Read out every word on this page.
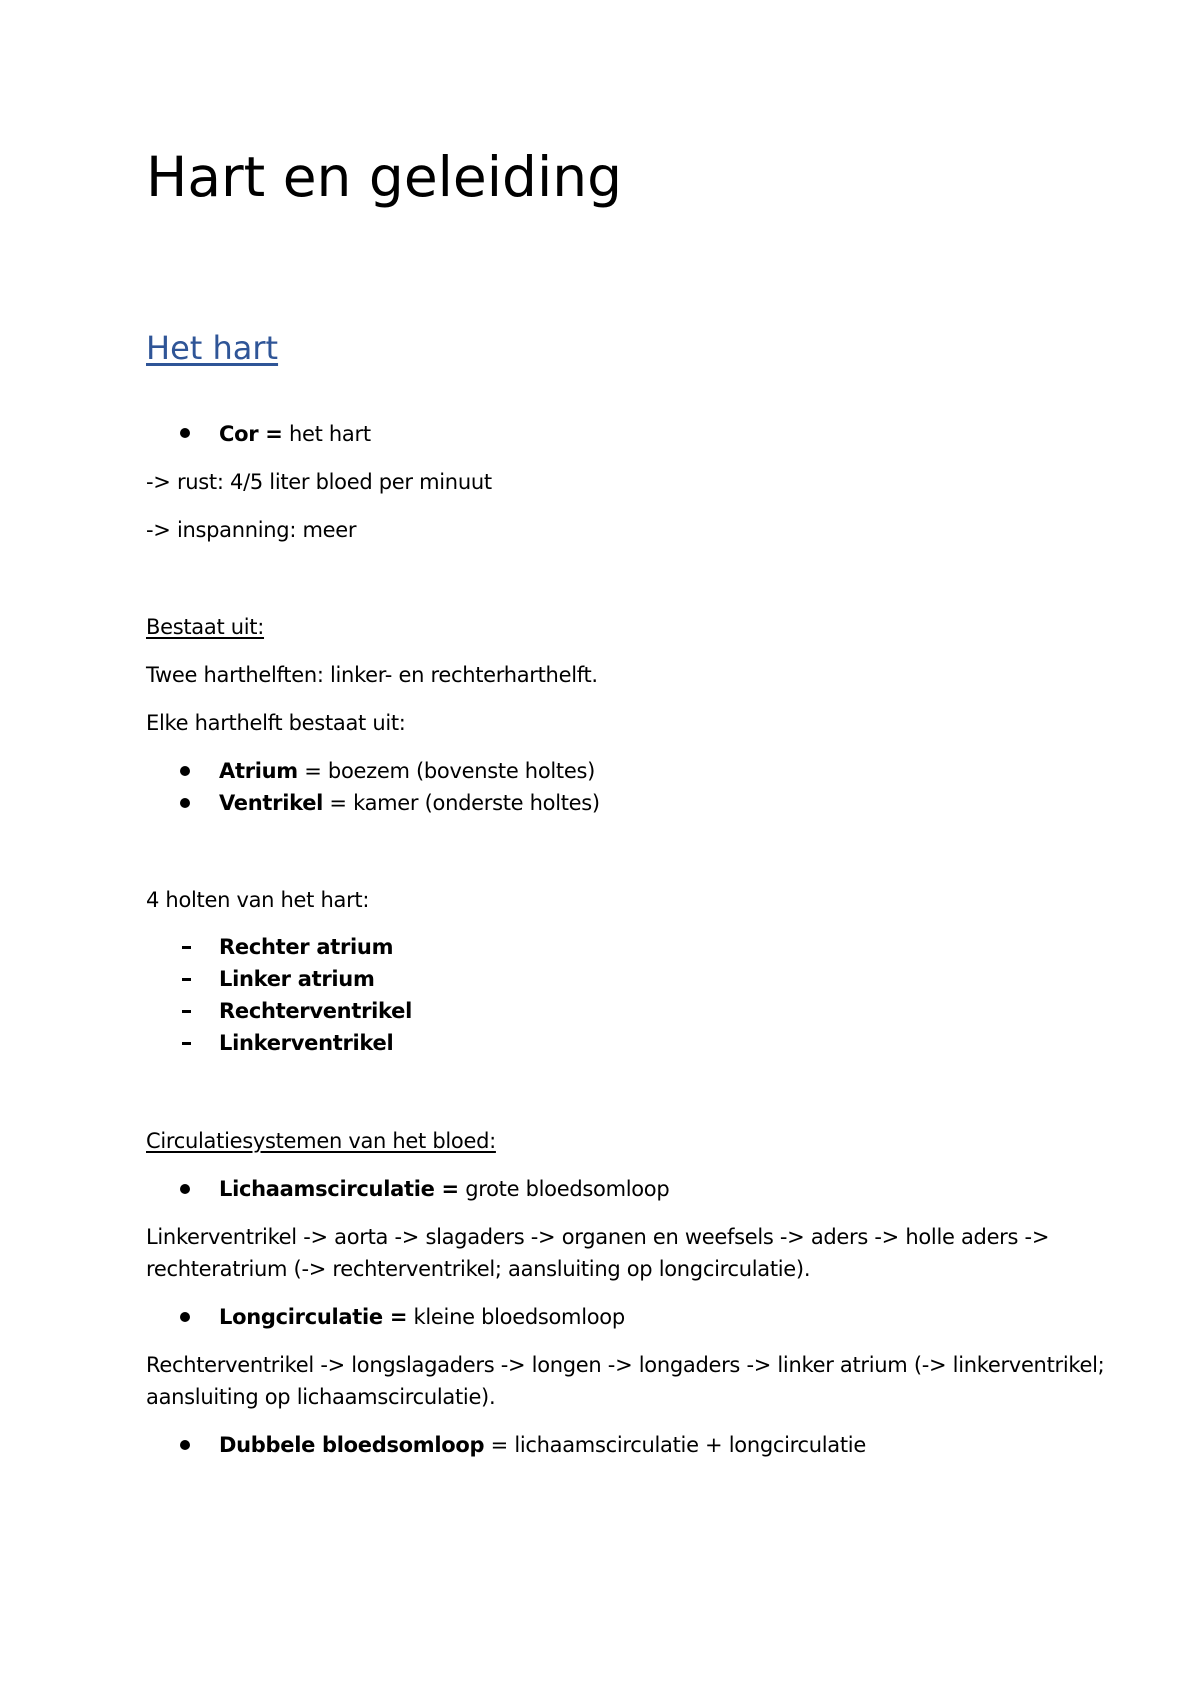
Hart en geleiding
Het hart
Cor = het hart
-> rust: 4/5 liter bloed per minuut
-> inspanning: meer
Bestaat uit:
Twee harthelften: linker- en rechterharthelft.
Elke harthelft bestaat uit:
Atrium = boezem (bovenste holtes)
Ventrikel = kamer (onderste holtes)
4 holten van het hart:
Rechter atrium
Linker atrium
Rechterventrikel
Linkerventrikel
Circulatiesystemen van het bloed:
Lichaamscirculatie = grote bloedsomloop
Linkerventrikel -> aorta -> slagaders -> organen en weefsels -> aders -> holle aders ->
rechteratrium (-> rechterventrikel; aansluiting op longcirculatie).
Longcirculatie = kleine bloedsomloop
Rechterventrikel -> longslagaders -> longen -> longaders -> linker atrium (-> linkerventrikel;
aansluiting op lichaamscirculatie).
Dubbele bloedsomloop = lichaamscirculatie + longcirculatie
